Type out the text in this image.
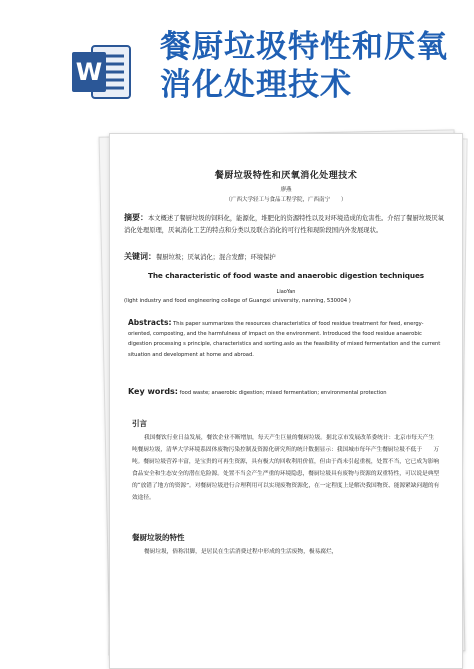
W
餐厨垃圾特性和厌氧消化处理技术
餐厨垃圾特性和厌氧消化处理技术
廖燕
（广西大学轻工与食品工程学院，广西南宁　　）
摘要：本文概述了餐厨垃圾的饲料化，能源化，堆肥化的资源特性以及对环境造成的危害性。介绍了餐厨垃圾厌氧消化处理原理，厌氧消化工艺的特点和分类以及联合消化的可行性和现阶段国内外发展现状。
关键词：餐厨垃圾；厌氧消化；混合发酵；环境保护
The characteristic of food waste and anaerobic digestion techniques
LiaoYan
(light industry and food engineering college of Guangxi university, nanning, 530004 )
Abstracts: This paper summarizes the resources characteristics of food residue treatment for feed, energy-oriented, composting, and the harmfulness of impact on the environment. Introduced the food residue anaerobic digestion processing s principle, characteristics and sorting.aslo as the feasibility of mixed fermentation and the current situation and development at home and abroad.
Key words: food waste; anaerobic digestion; mixed fermentation; environmental protection
引言
我国餐饮行业日益发展，餐饮企业不断增加，每天产生巨量的餐厨垃圾。据北京市发展改革委统计：北京市每天产生　　吨餐厨垃圾，清华大学环境系固体废物污染控制及资源化研究所的统计数据显示：我国城市每年产生餐厨垃圾不低于　　万吨。餐厨垃圾营养丰富，是宝贵的可再生资源，具有极大的回收利用价值，但由于尚未引起重视，处置不当，它已成为影响食品安全和生态安全的潜在危险源。处置不当会产生严重的环境隐患，餐厨垃圾具有废物与资源的双重特性，可以说是典型的“放错了地方的资源”。对餐厨垃圾进行合理利用可以实现废物资源化，在一定程度上是解决我国物资、能源紧缺问题的有效途径。
餐厨垃圾的特性
餐厨垃圾，俗称泔脚，是居民在生活消费过程中形成的生活废物，极易腐烂，
